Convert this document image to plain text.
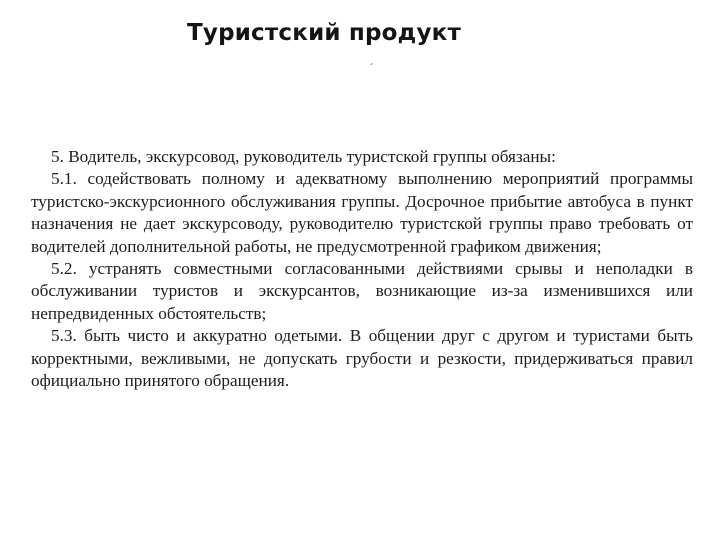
Туристский продукт
ˏ

5. Водитель, экскурсовод, руководитель туристской группы обязаны:

5.1. содействовать полному и адекватному выполнению мероприятий программы туристско-экскурсионного обслуживания группы. Досрочное прибытие автобуса в пункт назначения не дает экскурсоводу, руководителю туристской группы право требовать от водителей дополнительной работы, не предусмотренной графиком движения;

5.2. устранять совместными согласованными действиями срывы и неполадки в обслуживании туристов и экскурсантов, возникающие из-за изменившихся или непредвиденных обстоятельств;

5.3. быть чисто и аккуратно одетыми. В общении друг с другом и туристами быть корректными, вежливыми, не допускать грубости и резкости, придерживаться правил официально принятого обращения.
